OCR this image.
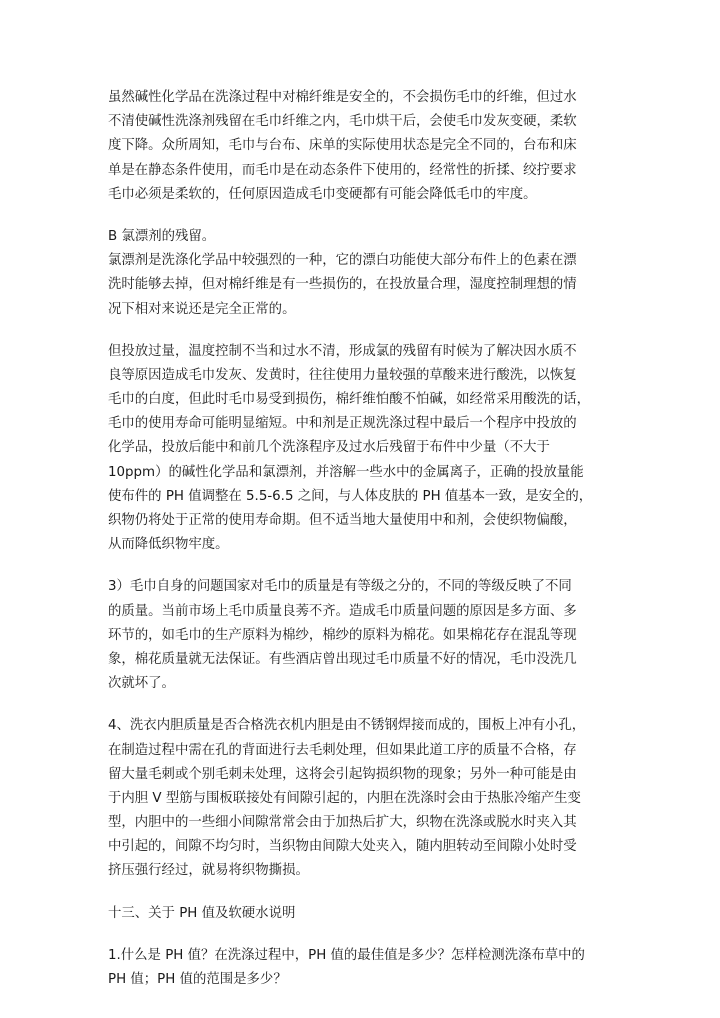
虽然碱性化学品在洗涤过程中对棉纤维是安全的，不会损伤毛巾的纤维，但过水
不清使碱性洗涤剂残留在毛巾纤维之内，毛巾烘干后，会使毛巾发灰变硬，柔软
度下降。众所周知，毛巾与台布、床单的实际使用状态是完全不同的，台布和床
单是在静态条件使用，而毛巾是在动态条件下使用的，经常性的折揉、绞拧要求
毛巾必须是柔软的，任何原因造成毛巾变硬都有可能会降低毛巾的牢度。

B 氯漂剂的残留。
氯漂剂是洗涤化学品中较强烈的一种，它的漂白功能使大部分布件上的色素在漂
洗时能够去掉，但对棉纤维是有一些损伤的，在投放量合理，湿度控制理想的情
况下相对来说还是完全正常的。

但投放过量，温度控制不当和过水不清，形成氯的残留有时候为了解决因水质不
良等原因造成毛巾发灰、发黄时，往往使用力量较强的草酸来进行酸洗，以恢复
毛巾的白度，但此时毛巾易受到损伤，棉纤维怕酸不怕碱，如经常采用酸洗的话，
毛巾的使用寿命可能明显缩短。中和剂是正规洗涤过程中最后一个程序中投放的
化学品，投放后能中和前几个洗涤程序及过水后残留于布件中少量（不大于
10ppm）的碱性化学品和氯漂剂，并溶解一些水中的金属离子，正确的投放量能
使布件的 PH 值调整在 5.5-6.5 之间，与人体皮肤的 PH 值基本一致，是安全的，
织物仍将处于正常的使用寿命期。但不适当地大量使用中和剂，会使织物偏酸，
从而降低织物牢度。

3）毛巾自身的问题国家对毛巾的质量是有等级之分的，不同的等级反映了不同
的质量。当前市场上毛巾质量良莠不齐。造成毛巾质量问题的原因是多方面、多
环节的，如毛巾的生产原料为棉纱，棉纱的原料为棉花。如果棉花存在混乱等现
象，棉花质量就无法保证。有些酒店曾出现过毛巾质量不好的情况，毛巾没洗几
次就坏了。

4、洗衣内胆质量是否合格洗衣机内胆是由不锈钢焊接而成的，围板上冲有小孔，
在制造过程中需在孔的背面进行去毛刺处理，但如果此道工序的质量不合格，存
留大量毛刺或个别毛刺未处理，这将会引起钩损织物的现象；另外一种可能是由
于内胆 V 型筋与围板联接处有间隙引起的，内胆在洗涤时会由于热胀冷缩产生变
型，内胆中的一些细小间隙常常会由于加热后扩大，织物在洗涤或脱水时夹入其
中引起的，间隙不均匀时，当织物由间隙大处夹入，随内胆转动至间隙小处时受
挤压强行经过，就易将织物撕损。

十三、关于 PH 值及软硬水说明

1.什么是 PH 值？在洗涤过程中，PH 值的最佳值是多少？怎样检测洗涤布草中的
PH 值；PH 值的范围是多少？
